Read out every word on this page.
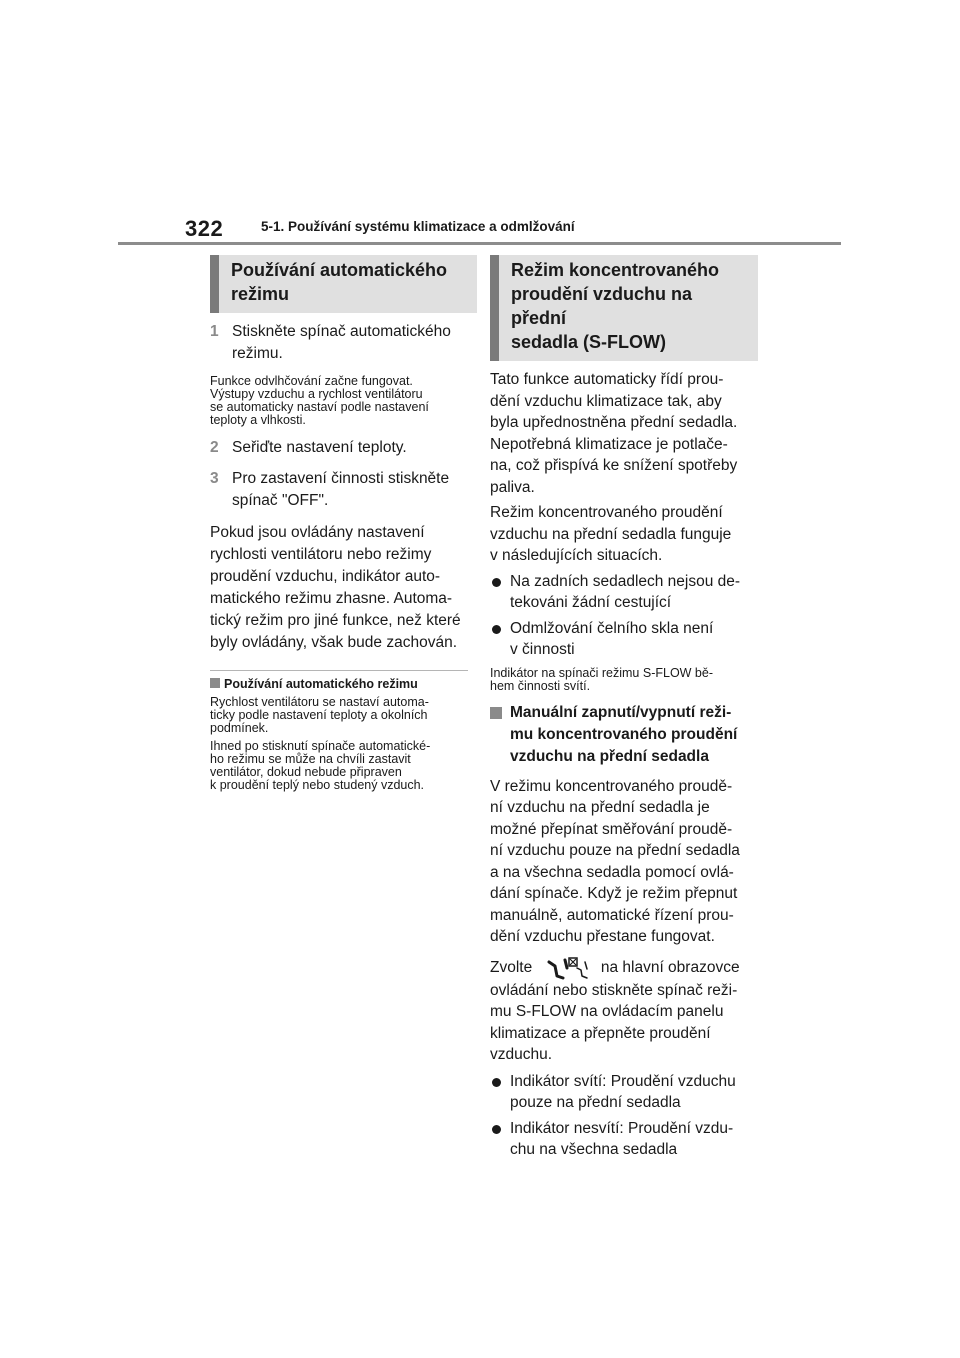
322	5-1. Používání systému klimatizace a odmlžování
Používání automatického
režimu
1 Stiskněte spínač automatického
režimu.
Funkce odvlhčování začne fungovat.
Výstupy vzduchu a rychlost ventilátoru
se automaticky nastaví podle nastavení
teploty a vlhkosti.
2 Seřiďte nastavení teploty.
3 Pro zastavení činnosti stiskněte
spínač "OFF".
Pokud jsou ovládány nastavení
rychlosti ventilátoru nebo režimy
proudění vzduchu, indikátor auto-
matického režimu zhasne. Automa-
tický režim pro jiné funkce, než které
byly ovládány, však bude zachován.
Používání automatického režimu
Rychlost ventilátoru se nastaví automa-
ticky podle nastavení teploty a okolních
podmínek.
Ihned po stisknutí spínače automatické-
ho režimu se může na chvíli zastavit
ventilátor, dokud nebude připraven
k proudění teplý nebo studený vzduch.
Režim koncentrovaného
proudění vzduchu na přední
sedadla (S-FLOW)
Tato funkce automaticky řídí prou-
dění vzduchu klimatizace tak, aby
byla upřednostněna přední sedadla.
Nepotřebná klimatizace je potlače-
na, což přispívá ke snížení spotřeby
paliva.
Režim koncentrovaného proudění
vzduchu na přední sedadla funguje
v následujících situacích.
Na zadních sedadlech nejsou de-
tekováni žádní cestující
Odmlžování čelního skla není
v činnosti
Indikátor na spínači režimu S-FLOW bě-
hem činnosti svítí.
Manuální zapnutí/vypnutí reži-
mu koncentrovaného proudění
vzduchu na přední sedadla
V režimu koncentrovaného proudě-
ní vzduchu na přední sedadla je
možné přepínat směřování proudě-
ní vzduchu pouze na přední sedadla
a na všechna sedadla pomocí ovlá-
dání spínače. Když je režim přepnut
manuálně, automatické řízení prou-
dění vzduchu přestane fungovat.
Zvolte	na hlavní obrazovce
ovládání nebo stiskněte spínač reži-
mu S-FLOW na ovládacím panelu
klimatizace a přepněte proudění
vzduchu.
Indikátor svítí: Proudění vzduchu
pouze na přední sedadla
Indikátor nesvítí: Proudění vzdu-
chu na všechna sedadla
